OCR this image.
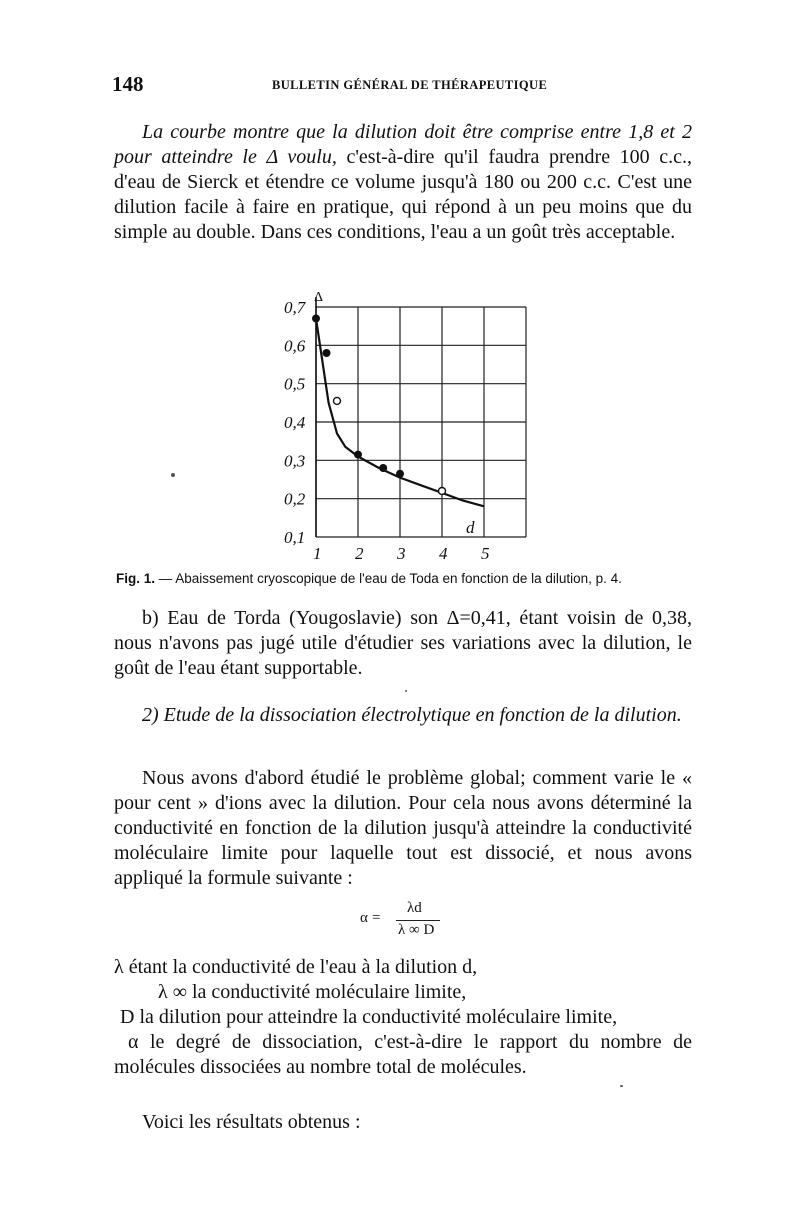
148	BULLETIN GÉNÉRAL DE THÉRAPEUTIQUE

La courbe montre que la dilution doit être comprise entre 1,8 et 2 pour atteindre le Δ voulu, c'est-à-dire qu'il faudra prendre 100 c.c., d'eau de Sierck et étendre ce volume jusqu'à 180 ou 200 c.c. C'est une dilution facile à faire en pratique, qui répond à un peu moins que du simple au double. Dans ces conditions, l'eau a un goût très acceptable.

0,7
0,6
0,5
0,4
0,3
0,2
0,1
Δ
1 2 3 4 5
d
Fig. 1. — Abaissement cryoscopique de l'eau de Toda en fonction de la dilution, p. 4.

b) Eau de Torda (Yougoslavie) son Δ=0,41, étant voisin de 0,38, nous n'avons pas jugé utile d'étudier ses variations avec la dilution, le goût de l'eau étant supportable.

2) Etude de la dissociation électrolytique en fonction de la dilution.

Nous avons d'abord étudié le problème global; comment varie le « pour cent » d'ions avec la dilution. Pour cela nous avons déterminé la conductivité en fonction de la dilution jusqu'à atteindre la conductivité moléculaire limite pour laquelle tout est dissocié, et nous avons appliqué la formule suivante :

α =
λd
λ ∞ D

λ étant la conductivité de l'eau à la dilution d,

λ ∞ la conductivité moléculaire limite,

D la dilution pour atteindre la conductivité moléculaire limite,

α le degré de dissociation, c'est-à-dire le rapport du nombre de molécules dissociées au nombre total de molécules.

Voici les résultats obtenus :
